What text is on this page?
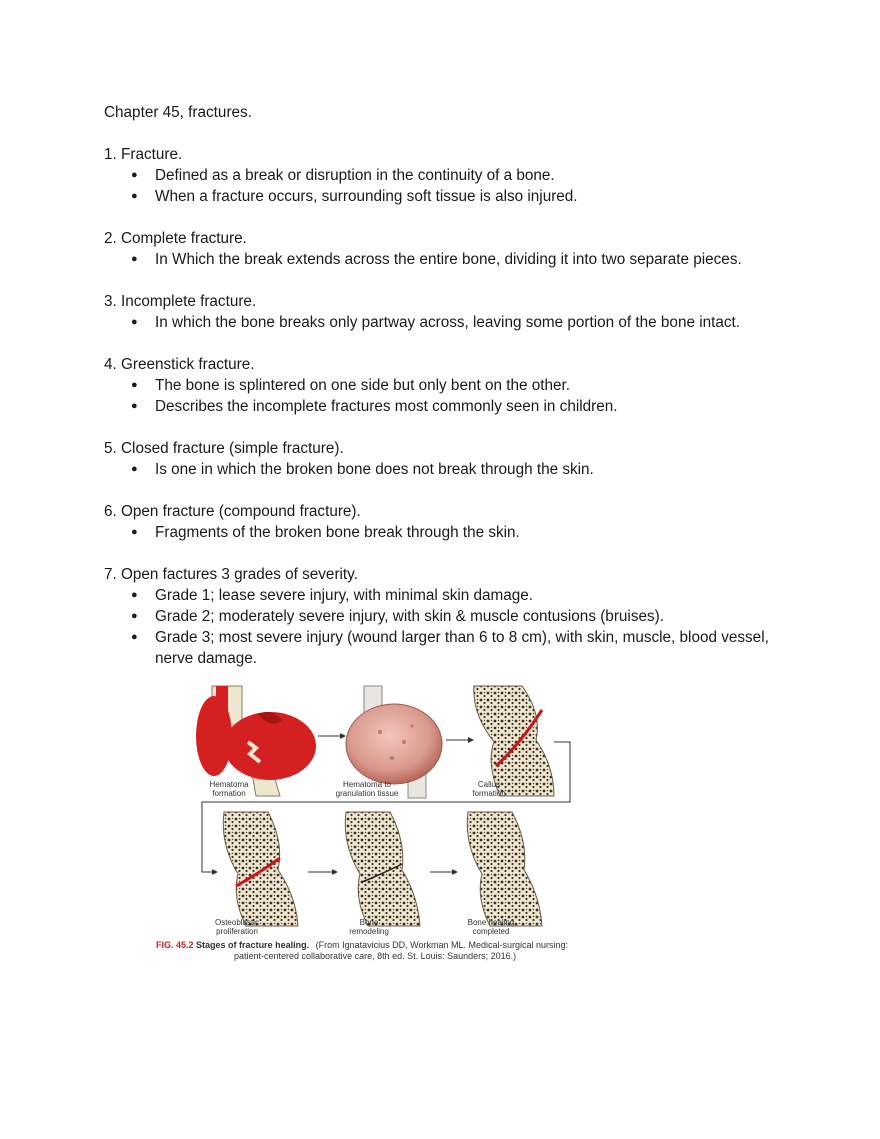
Chapter 45, fractures.

1. Fracture.

● Defined as a break or disruption in the continuity of a bone.
● When a fracture occurs, surrounding soft tissue is also injured.

2. Complete fracture.

● In Which the break extends across the entire bone, dividing it into two separate pieces.

3. Incomplete fracture.

● In which the bone breaks only partway across, leaving some portion of the bone intact.

4. Greenstick fracture.

● The bone is splintered on one side but only bent on the other.
● Describes the incomplete fractures most commonly seen in children.

5. Closed fracture (simple fracture).

● Is one in which the broken bone does not break through the skin.

6. Open fracture (compound fracture).

● Fragments of the broken bone break through the skin.

7. Open factures 3 grades of severity.

● Grade 1; lease severe injury, with minimal skin damage.
● Grade 2; moderately severe injury, with skin & muscle contusions (bruises).
● Grade 3; most severe injury (wound larger than 6 to 8 cm), with skin, muscle, blood vessel, nerve damage.
Hematoma
formation
Hematoma to
granulation tissue
Callus
formation
Osteoblastic
proliferation
Bone
remodeling
Bone healing
completed
FIG. 45.2 Stages of fracture healing. (From Ignatavicius DD, Workman ML. Medical-surgical nursing:
patient-centered collaborative care, 8th ed. St. Louis: Saunders; 2016.)
